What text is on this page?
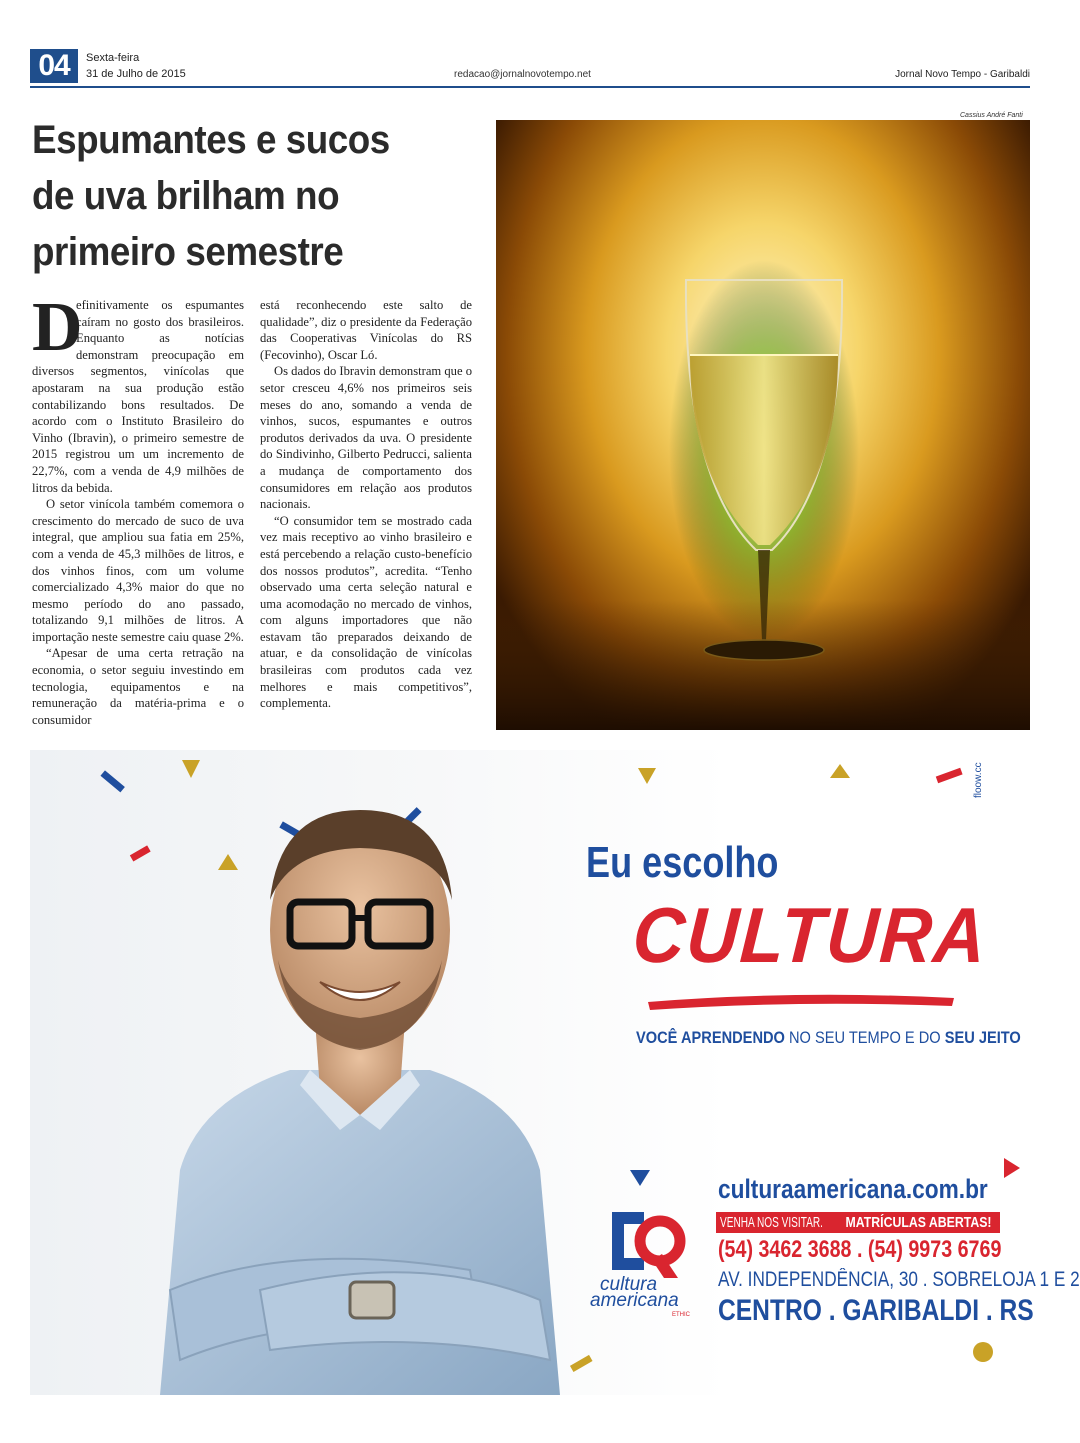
04	Sexta-feira
31 de Julho de 2015	redacao@jornalnovotempo.net	Jornal Novo Tempo - Garibaldi
Espumantes e sucos
de uva brilham no
primeiro semestre
D

efinitivamente os espumantes caíram no gosto dos brasileiros. Enquanto as notícias demonstram preocupação em diversos segmentos, vinícolas que apostaram na sua produção estão contabilizando bons resultados. De acordo com o Instituto Brasileiro do Vinho (Ibravin), o primeiro semestre de 2015 registrou um um incremento de 22,7%, com a venda de 4,9 milhões de litros da bebida.

O setor vinícola também comemora o crescimento do mercado de suco de uva integral, que ampliou sua fatia em 25%, com a venda de 45,3 milhões de litros, e dos vinhos finos, com um volume comercializado 4,3% maior do que no mesmo período do ano passado, totalizando 9,1 milhões de litros. A importação neste semestre caiu quase 2%.

“Apesar de uma certa retração na economia, o setor seguiu investindo em tecnologia, equipamentos e na remuneração da matéria-prima e o consumidor

está reconhecendo este salto de qualidade”, diz o presidente da Federação das Cooperativas Vinícolas do RS (Fecovinho), Oscar Ló.

Os dados do Ibravin demonstram que o setor cresceu 4,6% nos primeiros seis meses do ano, somando a venda de vinhos, sucos, espumantes e outros produtos derivados da uva. O presidente do Sindivinho, Gilberto Pedrucci, salienta a mudança de comportamento dos consumidores em relação aos produtos nacionais.

“O consumidor tem se mostrado cada vez mais receptivo ao vinho brasileiro e está percebendo a relação custo-benefício dos nossos produtos”, acredita. “Tenho observado uma certa seleção natural e uma acomodação no mercado de vinhos, com alguns importadores que não estavam tão preparados deixando de atuar, e da consolidação de vinícolas brasileiras com produtos cada vez melhores e mais competitivos”, complementa.

Cassius André Fanti
floow.cc
Eu escolho
CULTURA
VOCÊ APRENDENDO NO SEU TEMPO E DO SEU JEITO
cultura
americana
ETHIC
culturaamericana.com.br
VENHA NOS VISITAR.MATRÍCULAS ABERTAS!
(54) 3462 3688 . (54) 9973 6769
AV. INDEPENDÊNCIA, 30 . SOBRELOJA 1 E 2
CENTRO . GARIBALDI . RS
